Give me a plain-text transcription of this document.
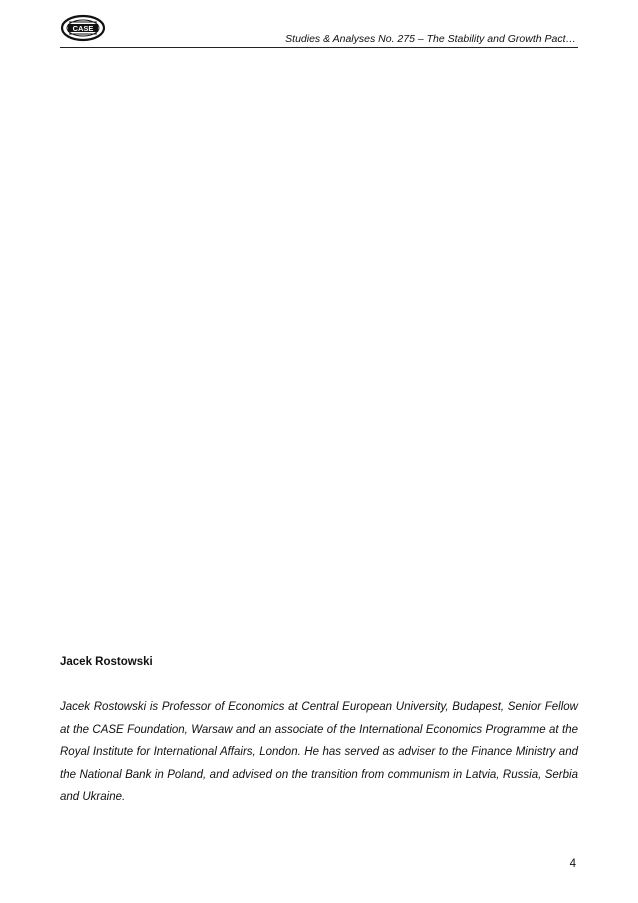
CASE
Studies & Analyses No. 275 – The Stability and Growth Pact…
Jacek Rostowski

Jacek Rostowski is Professor of Economics at Central European University, Budapest, Senior Fellow at the CASE Foundation, Warsaw and an associate of the International Economics Programme at the Royal Institute for International Affairs, London. He has served as adviser to the Finance Ministry and the National Bank in Poland, and advised on the transition from communism in Latvia, Russia, Serbia and Ukraine.

4
